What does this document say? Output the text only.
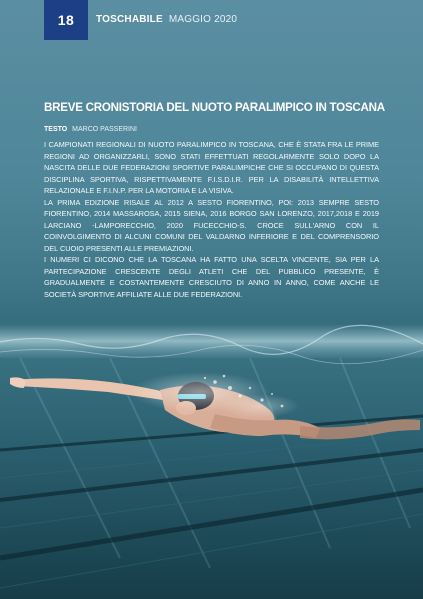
18	TOSCHABILE MAGGIO 2020
BREVE CRONISTORIA DEL NUOTO PARALIMPICO IN TOSCANA
TESTO MARCO PASSERINI

I CAMPIONATI REGIONALI DI NUOTO PARALIMPICO IN TOSCANA, CHE È STATA FRA LE PRIME REGIONI AD ORGANIZZARLI, SONO STATI EFFETTUATI REGOLARMENTE SOLO DOPO LA NASCITA DELLE DUE FEDERAZIONI SPORTIVE PARALIMPICHE CHE SI OCCUPANO DI QUESTA DISCIPLINA SPORTIVA, RISPETTIVAMENTE F.I.S.D.I.R. PER LA DISABILITÀ INTELLETTIVA RELAZIONALE E F.I.N.P. PER LA MOTORIA E LA VISIVA.

LA PRIMA EDIZIONE RISALE AL 2012 A SESTO FIORENTINO, POI: 2013 SEMPRE SESTO FIORENTINO, 2014 MASSAROSA, 2015 SIENA, 2016 BORGO SAN LORENZO, 2017,2018 E 2019 LARCIANO -LAMPORECCHIO, 2020 FUCECCHIO-S. CROCE SULL'ARNO CON IL COINVOLGIMENTO DI ALCUNI COMUNI DEL VALDARNO INFERIORE E DEL COMPRENSORIO DEL CUOIO PRESENTI ALLE PREMIAZIONI.

I NUMERI CI DICONO CHE LA TOSCANA HA FATTO UNA SCELTA VINCENTE, SIA PER LA PARTECIPAZIONE CRESCENTE DEGLI ATLETI CHE DEL PUBBLICO PRESENTE, È GRADUALMENTE E COSTANTEMENTE CRESCIUTO DI ANNO IN ANNO, COME ANCHE LE SOCIETÀ SPORTIVE AFFILIATE ALLE DUE FEDERAZIONI.
